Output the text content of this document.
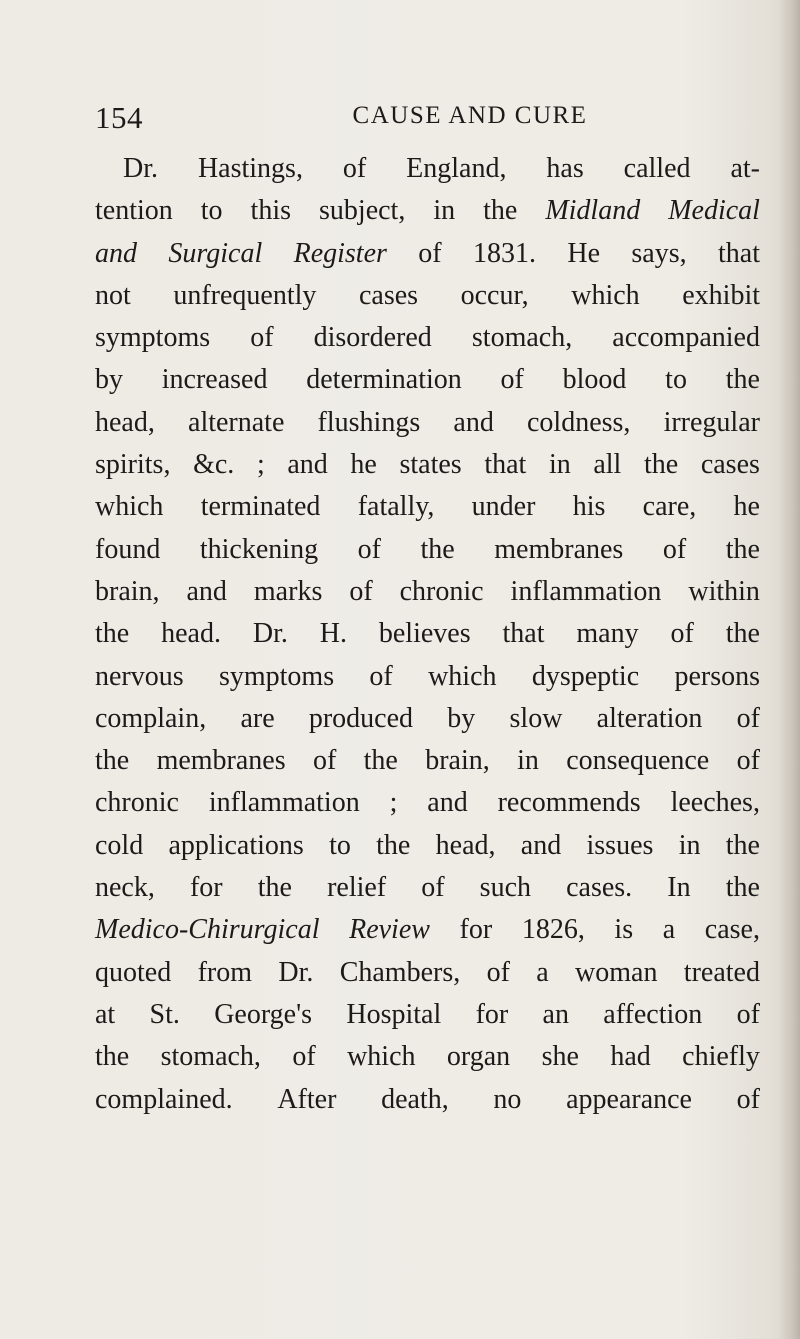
154	CAUSE AND CURE
Dr. Hastings, of England, has called at-
tention to this subject, in the Midland Medical
and Surgical Register of 1831. He says, that
not unfrequently cases occur, which exhibit
symptoms of disordered stomach, accompanied
by increased determination of blood to the
head, alternate flushings and coldness, irregular
spirits, &c. ; and he states that in all the cases
which terminated fatally, under his care, he
found thickening of the membranes of the
brain, and marks of chronic inflammation within
the head. Dr. H. believes that many of the
nervous symptoms of which dyspeptic persons
complain, are produced by slow alteration of
the membranes of the brain, in consequence of
chronic inflammation ; and recommends leeches,
cold applications to the head, and issues in the
neck, for the relief of such cases. In the
Medico-Chirurgical Review for 1826, is a case,
quoted from Dr. Chambers, of a woman treated
at St. George's Hospital for an affection of
the stomach, of which organ she had chiefly
complained. After death, no appearance of
